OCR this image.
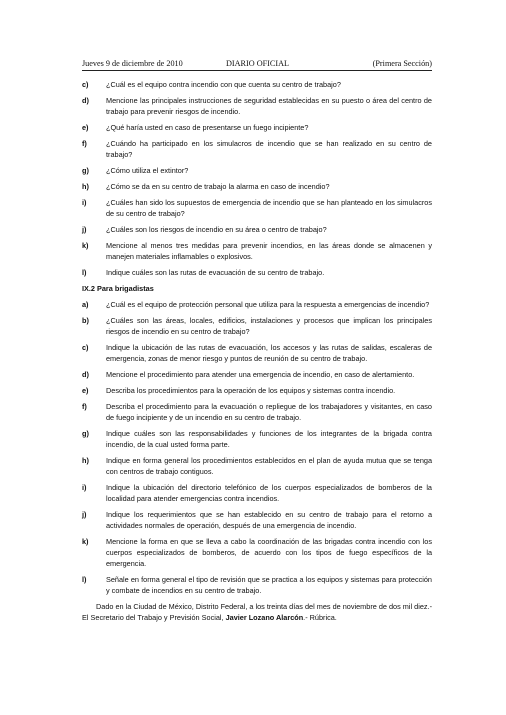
Jueves 9 de diciembre de 2010	DIARIO OFICIAL	(Primera Sección)
c) ¿Cuál es el equipo contra incendio con que cuenta su centro de trabajo?
d) Mencione las principales instrucciones de seguridad establecidas en su puesto o área del centro de trabajo para prevenir riesgos de incendio.
e) ¿Qué haría usted en caso de presentarse un fuego incipiente?
f)	¿Cuándo ha participado en los simulacros de incendio que se han realizado en su centro de trabajo?
g) ¿Cómo utiliza el extintor?
h) ¿Cómo se da en su centro de trabajo la alarma en caso de incendio?
i)	¿Cuáles han sido los supuestos de emergencia de incendio que se han planteado en los simulacros de su centro de trabajo?
j)	¿Cuáles son los riesgos de incendio en su área o centro de trabajo?
k) Mencione al menos tres medidas para prevenir incendios, en las áreas donde se almacenen y manejen materiales inflamables o explosivos.
l)	Indique cuáles son las rutas de evacuación de su centro de trabajo.
IX.2 Para brigadistas
a) ¿Cuál es el equipo de protección personal que utiliza para la respuesta a emergencias de incendio?
b) ¿Cuáles son las áreas, locales, edificios, instalaciones y procesos que implican los principales riesgos de incendio en su centro de trabajo?
c) Indique la ubicación de las rutas de evacuación, los accesos y las rutas de salidas, escaleras de emergencia, zonas de menor riesgo y puntos de reunión de su centro de trabajo.
d) Mencione el procedimiento para atender una emergencia de incendio, en caso de alertamiento.
e) Describa los procedimientos para la operación de los equipos y sistemas contra incendio.
f)	Describa el procedimiento para la evacuación o repliegue de los trabajadores y visitantes, en caso de fuego incipiente y de un incendio en su centro de trabajo.
g) Indique cuáles son las responsabilidades y funciones de los integrantes de la brigada contra incendio, de la cual usted forma parte.
h) Indique en forma general los procedimientos establecidos en el plan de ayuda mutua que se tenga con centros de trabajo contiguos.
i)	Indique la ubicación del directorio telefónico de los cuerpos especializados de bomberos de la localidad para atender emergencias contra incendios.
j)	Indique los requerimientos que se han establecido en su centro de trabajo para el retorno a actividades normales de operación, después de una emergencia de incendio.
k) Mencione la forma en que se lleva a cabo la coordinación de las brigadas contra incendio con los cuerpos especializados de bomberos, de acuerdo con los tipos de fuego específicos de la emergencia.
l)	Señale en forma general el tipo de revisión que se practica a los equipos y sistemas para protección y combate de incendios en su centro de trabajo.
Dado en la Ciudad de México, Distrito Federal, a los treinta días del mes de noviembre de dos mil diez.- El Secretario del Trabajo y Previsión Social, Javier Lozano Alarcón.- Rúbrica.
